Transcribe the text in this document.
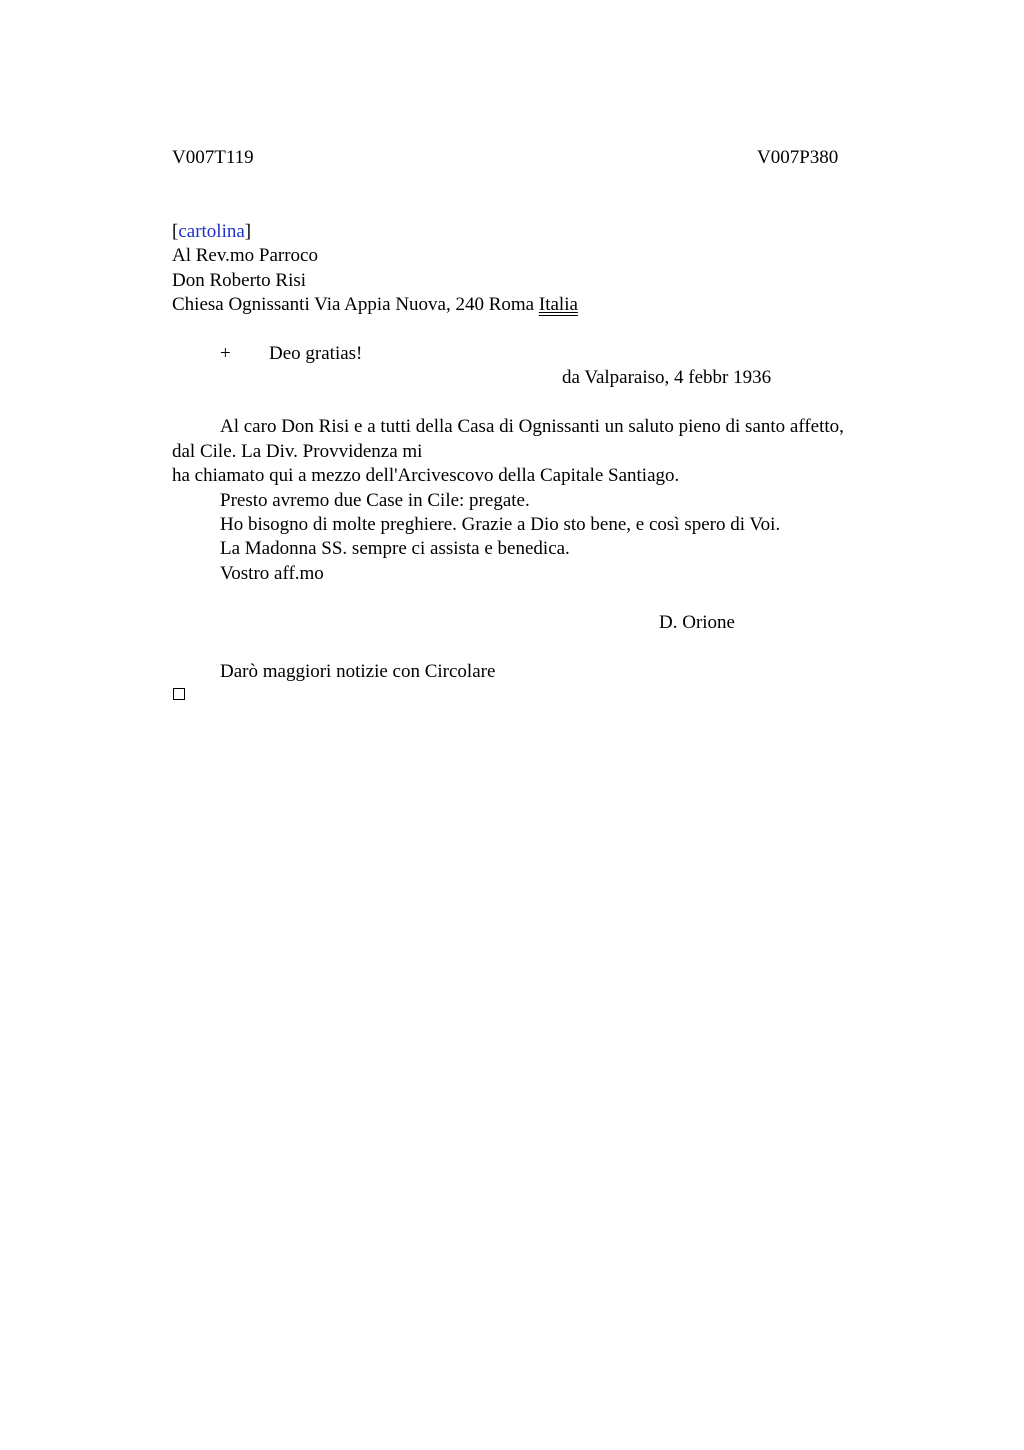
V007T119	V007P380
[cartolina]
Al Rev.mo Parroco
Don Roberto Risi
Chiesa Ognissanti Via Appia Nuova, 240 Roma Italia
+ Deo gratias!
da Valparaiso, 4 febbr 1936
Al caro Don Risi e a tutti della Casa di Ognissanti un saluto pieno di santo affetto,
dal Cile. La Div. Provvidenza mi
ha chiamato qui a mezzo dell'Arcivescovo della Capitale Santiago.
Presto avremo due Case in Cile: pregate.
Ho bisogno di molte preghiere. Grazie a Dio sto bene, e così spero di Voi.
La Madonna SS. sempre ci assista e benedica.
Vostro aff.mo
D. Orione
Darò maggiori notizie con Circolare
